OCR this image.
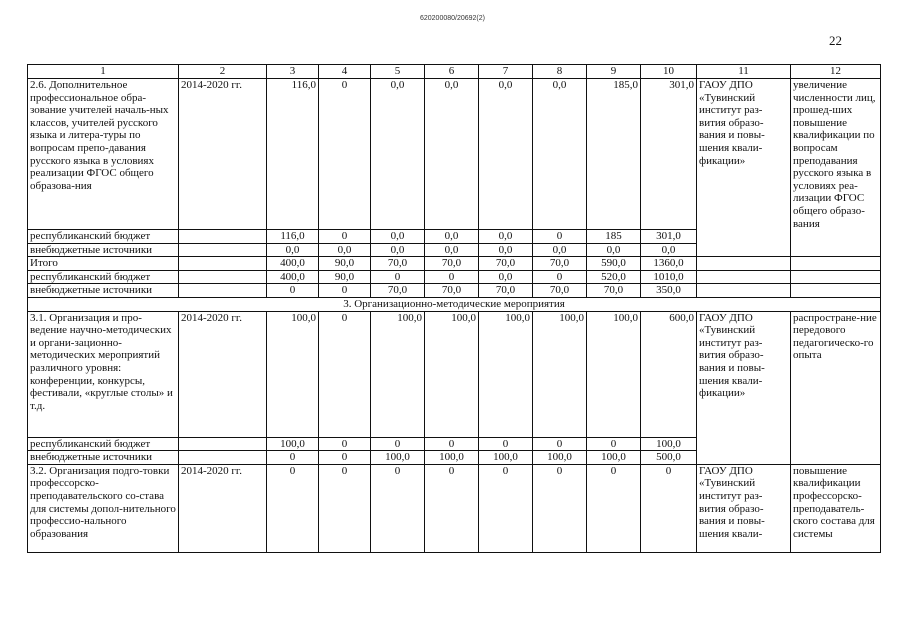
620200080/20692(2)
22
1	2	3	4	5	6	7	8	9	10	11	12
2.6. Дополнительное профессиональное обра-зование учителей началь-ных классов, учителей русского языка и литера-туры по вопросам препо-давания русского языка в условиях реализации ФГОС общего образова-ния	2014-2020 гг.	116,0	0	0,0	0,0	0,0	0,0	185,0	301,0	ГАОУ ДПО «Тувинский институт раз-вития образо-вания и повы-шения квали-фикации»	увеличение численности лиц, прошед-ших повышение квалификации по вопросам преподавания русского языка в условиях реа-лизации ФГОС общего образо-вания
республиканский бюджет		116,0	0	0,0	0,0	0,0	0	185	301,0		
внебюджетные источники		0,0	0,0	0,0	0,0	0,0	0,0	0,0	0,0		
Итого		400,0	90,0	70,0	70,0	70,0	70,0	590,0	1360,0		
республиканский бюджет		400,0	90,0	0	0	0,0	0	520,0	1010,0		
внебюджетные источники		0	0	70,0	70,0	70,0	70,0	70,0	350,0		
3. Организационно-методические мероприятия											
3.1. Организация и про-ведение научно-методических и органи-зационно-методических мероприятий различного уровня: конференции, конкурсы, фестивали, «круглые столы» и т.д.	2014-2020 гг.	100,0	0	100,0	100,0	100,0	100,0	100,0	600,0	ГАОУ ДПО «Тувинский институт раз-вития образо-вания и повы-шения квали-фикации»	распростране-ние передового педагогическо-го опыта
республиканский бюджет		100,0	0	0	0	0	0	0	100,0		
внебюджетные источники		0	0	100,0	100,0	100,0	100,0	100,0	500,0		
3.2. Организация подго-товки профессорско-преподавательского со-става для системы допол-нительного профессио-нального образования	2014-2020 гг.	0	0	0	0	0	0	0	0	ГАОУ ДПО «Тувинский институт раз-вития образо-вания и повы-шения квали-	повышение квалификации профессорско-преподаватель-ского состава для системы
